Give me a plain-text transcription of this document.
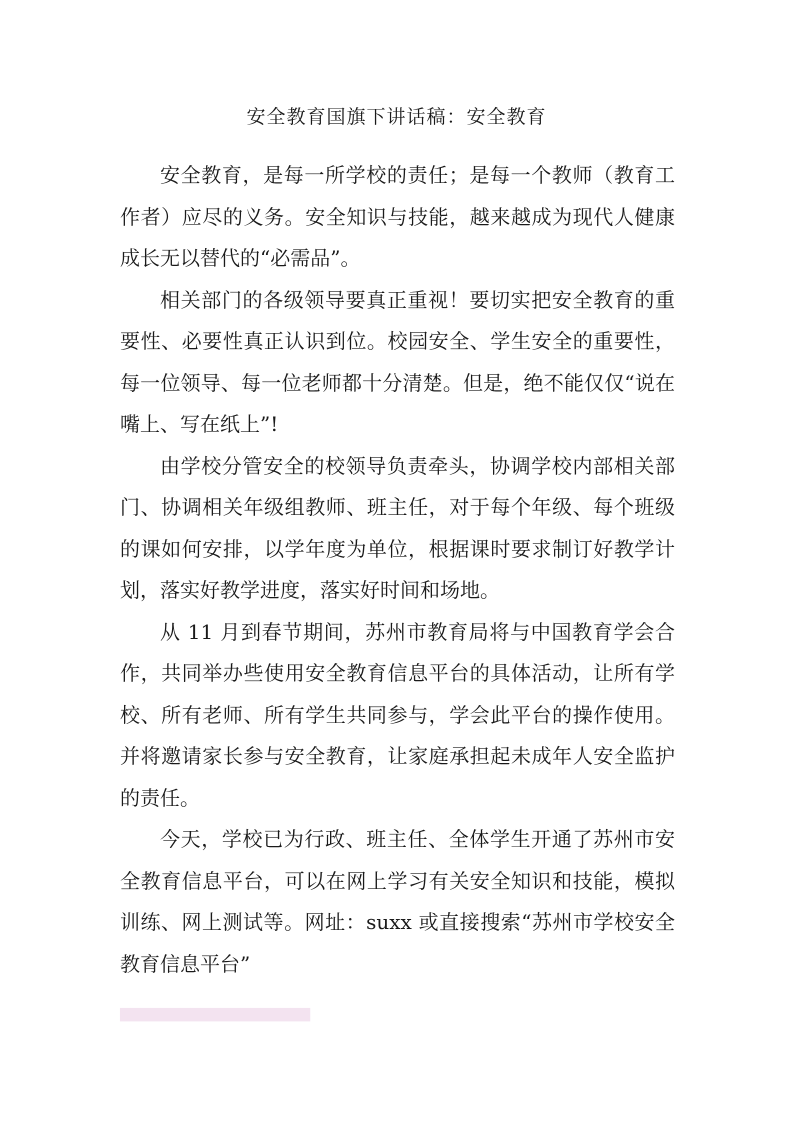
安全教育国旗下讲话稿：安全教育

安全教育，是每一所学校的责任；是每一个教师（教育工作者）应尽的义务。安全知识与技能，越来越成为现代人健康成长无以替代的“必需品”。

相关部门的各级领导要真正重视！要切实把安全教育的重要性、必要性真正认识到位。校园安全、学生安全的重要性，每一位领导、每一位老师都十分清楚。但是，绝不能仅仅“说在嘴上、写在纸上”!

由学校分管安全的校领导负责牵头，协调学校内部相关部门、协调相关年级组教师、班主任，对于每个年级、每个班级的课如何安排，以学年度为单位，根据课时要求制订好教学计划，落实好教学进度，落实好时间和场地。

从 11 月到春节期间，苏州市教育局将与中国教育学会合作，共同举办些使用安全教育信息平台的具体活动，让所有学校、所有老师、所有学生共同参与，学会此平台的操作使用。并将邀请家长参与安全教育，让家庭承担起未成年人安全监护的责任。

今天，学校已为行政、班主任、全体学生开通了苏州市安全教育信息平台，可以在网上学习有关安全知识和技能，模拟训练、网上测试等。网址：suxx 或直接搜索“苏州市学校安全教育信息平台”

▇▇▇▇▇▇▇▇▇▇▇▇▇▇▇▇▇▇▇
